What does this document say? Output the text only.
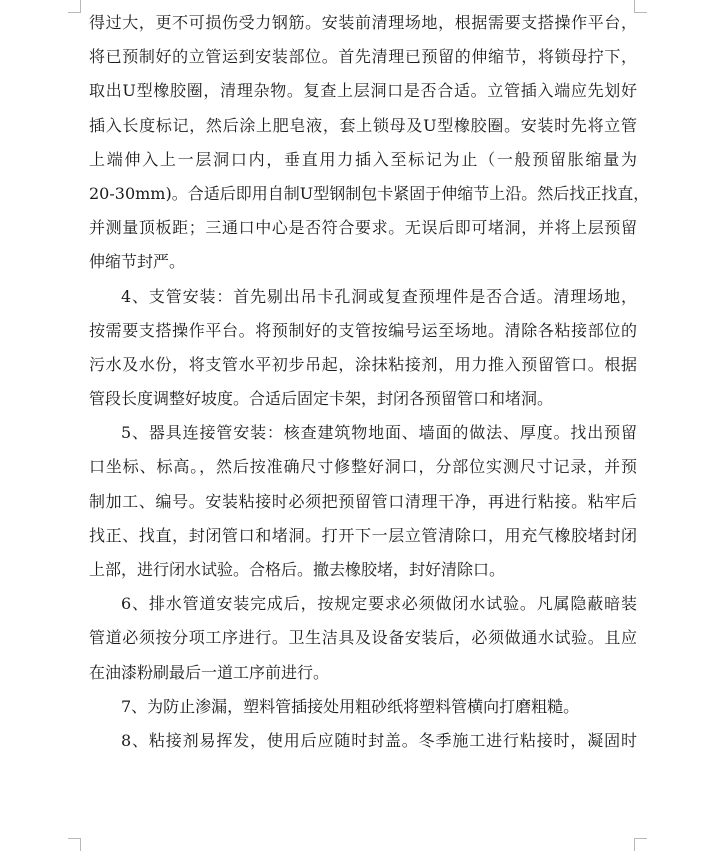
得过大，更不可损伤受力钢筋。安装前清理场地，根据需要支搭操作平台，
将已预制好的立管运到安装部位。首先清理已预留的伸缩节，将锁母拧下，
取出U型橡胶圈，清理杂物。复查上层洞口是否合适。立管插入端应先划好
插入长度标记，然后涂上肥皂液，套上锁母及U型橡胶圈。安装时先将立管
上端伸入上一层洞口内，垂直用力插入至标记为止（一般预留胀缩量为
20-30mm)。合适后即用自制U型钢制包卡紧固于伸缩节上沿。然后找正找直，
并测量顶板距；三通口中心是否符合要求。无误后即可堵洞，并将上层预留
伸缩节封严。
4、支管安装：首先剔出吊卡孔洞或复查预埋件是否合适。清理场地，
按需要支搭操作平台。将预制好的支管按编号运至场地。清除各粘接部位的
污水及水份，将支管水平初步吊起，涂抹粘接剂，用力推入预留管口。根据
管段长度调整好坡度。合适后固定卡架，封闭各预留管口和堵洞。
5、器具连接管安装：核查建筑物地面、墙面的做法、厚度。找出预留
口坐标、标高。，然后按准确尺寸修整好洞口，分部位实测尺寸记录，并预
制加工、编号。安装粘接时必须把预留管口清理干净，再进行粘接。粘牢后
找正、找直，封闭管口和堵洞。打开下一层立管清除口，用充气橡胶堵封闭
上部，进行闭水试验。合格后。撤去橡胶堵，封好清除口。
6、排水管道安装完成后，按规定要求必须做闭水试验。凡属隐蔽暗装
管道必须按分项工序进行。卫生洁具及设备安装后，必须做通水试验。且应
在油漆粉刷最后一道工序前进行。
7、为防止渗漏，塑料管插接处用粗砂纸将塑料管横向打磨粗糙。
8、粘接剂易挥发，使用后应随时封盖。冬季施工进行粘接时，凝固时
